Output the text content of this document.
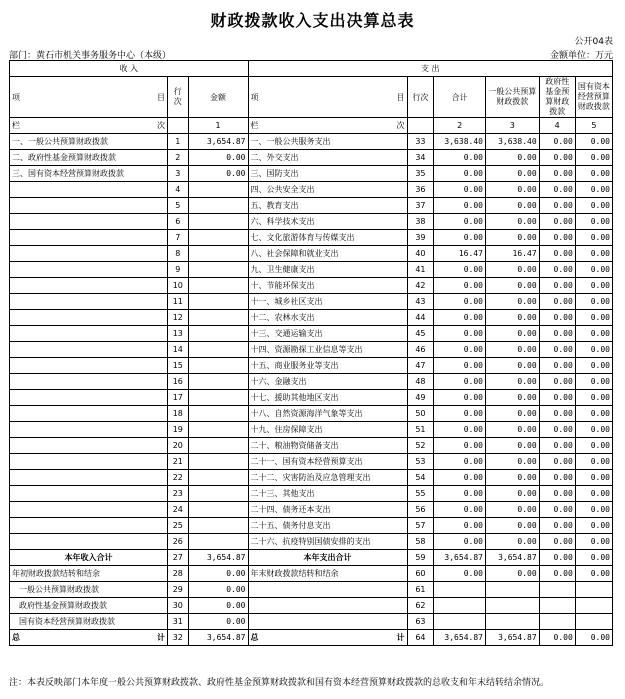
财政拨款收入支出决算总表
公开04表
部门：黄石市机关事务服务中心（本级）	金额单位：万元
收 入			支 出					

项 目	行次	金额	项 目	行次	合计	一般公共预算财政拨款	政府性基金预算财政拨款	国有资本经营预算财政拨款

栏 次		1	栏 次		2	3	4	5
一、一般公共预算财政拨款	1	3,654.87	一、一般公共服务支出	33	3,638.40	3,638.40	0.00	0.00
二、政府性基金预算财政拨款	2	0.00	二、外交支出	34	0.00	0.00	0.00	0.00
三、国有资本经营预算财政拨款	3	0.00	三、国防支出	35	0.00	0.00	0.00	0.00
	4		四、公共安全支出	36	0.00	0.00	0.00	0.00
	5		五、教育支出	37	0.00	0.00	0.00	0.00
	6		六、科学技术支出	38	0.00	0.00	0.00	0.00
	7		七、文化旅游体育与传媒支出	39	0.00	0.00	0.00	0.00
	8		八、社会保障和就业支出	40	16.47	16.47	0.00	0.00
	9		九、卫生健康支出	41	0.00	0.00	0.00	0.00
	10		十、节能环保支出	42	0.00	0.00	0.00	0.00
	11		十一、城乡社区支出	43	0.00	0.00	0.00	0.00
	12		十二、农林水支出	44	0.00	0.00	0.00	0.00
	13		十三、交通运输支出	45	0.00	0.00	0.00	0.00
	14		十四、资源勘探工业信息等支出	46	0.00	0.00	0.00	0.00
	15		十五、商业服务业等支出	47	0.00	0.00	0.00	0.00
	16		十六、金融支出	48	0.00	0.00	0.00	0.00
	17		十七、援助其他地区支出	49	0.00	0.00	0.00	0.00
	18		十八、自然资源海洋气象等支出	50	0.00	0.00	0.00	0.00
	19		十九、住房保障支出	51	0.00	0.00	0.00	0.00
	20		二十、粮油物资储备支出	52	0.00	0.00	0.00	0.00
	21		二十一、国有资本经营预算支出	53	0.00	0.00	0.00	0.00
	22		二十二、灾害防治及应急管理支出	54	0.00	0.00	0.00	0.00
	23		二十三、其他支出	55	0.00	0.00	0.00	0.00
	24		二十四、债务还本支出	56	0.00	0.00	0.00	0.00
	25		二十五、债务付息支出	57	0.00	0.00	0.00	0.00
	26		二十六、抗疫特别国债安排的支出	58	0.00	0.00	0.00	0.00
本年收入合计	27	3,654.87	本年支出合计	59	3,654.87	3,654.87	0.00	0.00
年初财政拨款结转和结余	28	0.00	年末财政拨款结转和结余	60	0.00	0.00	0.00	0.00
一般公共预算财政拨款	29	0.00		61				
政府性基金预算财政拨款	30	0.00		62				
国有资本经营预算财政拨款	31	0.00		63				

总 计	32	3,654.87	总 计	64	3,654.87	3,654.87	0.00	0.00
注：本表反映部门本年度一般公共预算财政拨款、政府性基金预算财政拨款和国有资本经营预算财政拨款的总收支和年末结转结余情况。
